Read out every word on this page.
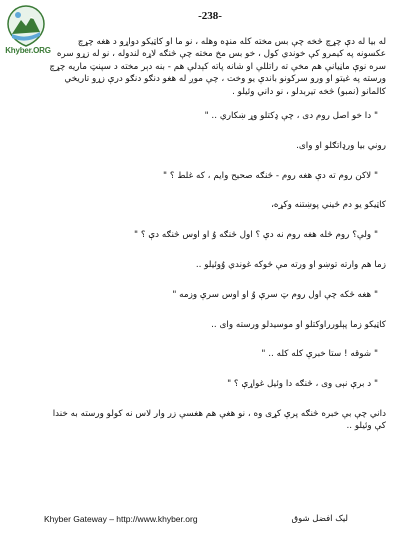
Khyber.ORG
-238-

له بیا له دې چړچ څخه چې بس مخته کله منډه وهله ، نو ما او کاټیکو دواړو د هغه چړچ عکسونه په کیمرو کې خوندي کول ، خو بس مخ مخته چې څنګه لاړه لندوله ، نو له زړو سره سره نوې ماڼیانې هم مخې ته راتللې او شانه پاته کېدلې هم - بنه دېر مخته د سپنټ ماریه چړچ ورسته په غیتو او ورو سرکونو باندې یو وخت ، چې موږ له هغو دنګو دنګو درې زړو تاریخي کالمانو (نمبو) څخه تیربدلو ، نو داني وئیلو .

" دا خو اصل روم دی ، چې ډکتلو وړ ښکاري .. "

روني بیا ورډاتګلو او وای.

" لاکن روم ته دې هغه روم - څنګه صحیح وایم ، که غلط ؟ "

کاټیکو یو دم څیني پوښتنه وکړه،

" ولې؟ روم څله هغه روم نه دې ؟ اول څنګه وُ او اوس څنګه دې ؟ "

زما هم وارته توښو او ورته مې څوکه غوندي وُوئیلو ..

" هغه څکه چې اول روم ټ سرې وُ او اوس سرې وزمه "

کاټیکو زما پېلورراوکتلو او موسیدلو ورسته وای ..

" شوقه ! ستا خبرې کله کله .. "

" د برې نېی وی ، څنګه دا وئیل غواړې ؟ "

داني چې بې خبره څنګه پرې کړی وه ، نو هغې هم هغسې زر وار لاس نه کولو ورسته به خندا کې وئیلو ..

Khyber Gateway – http://www.khyber.org	لیک افضل شوق
